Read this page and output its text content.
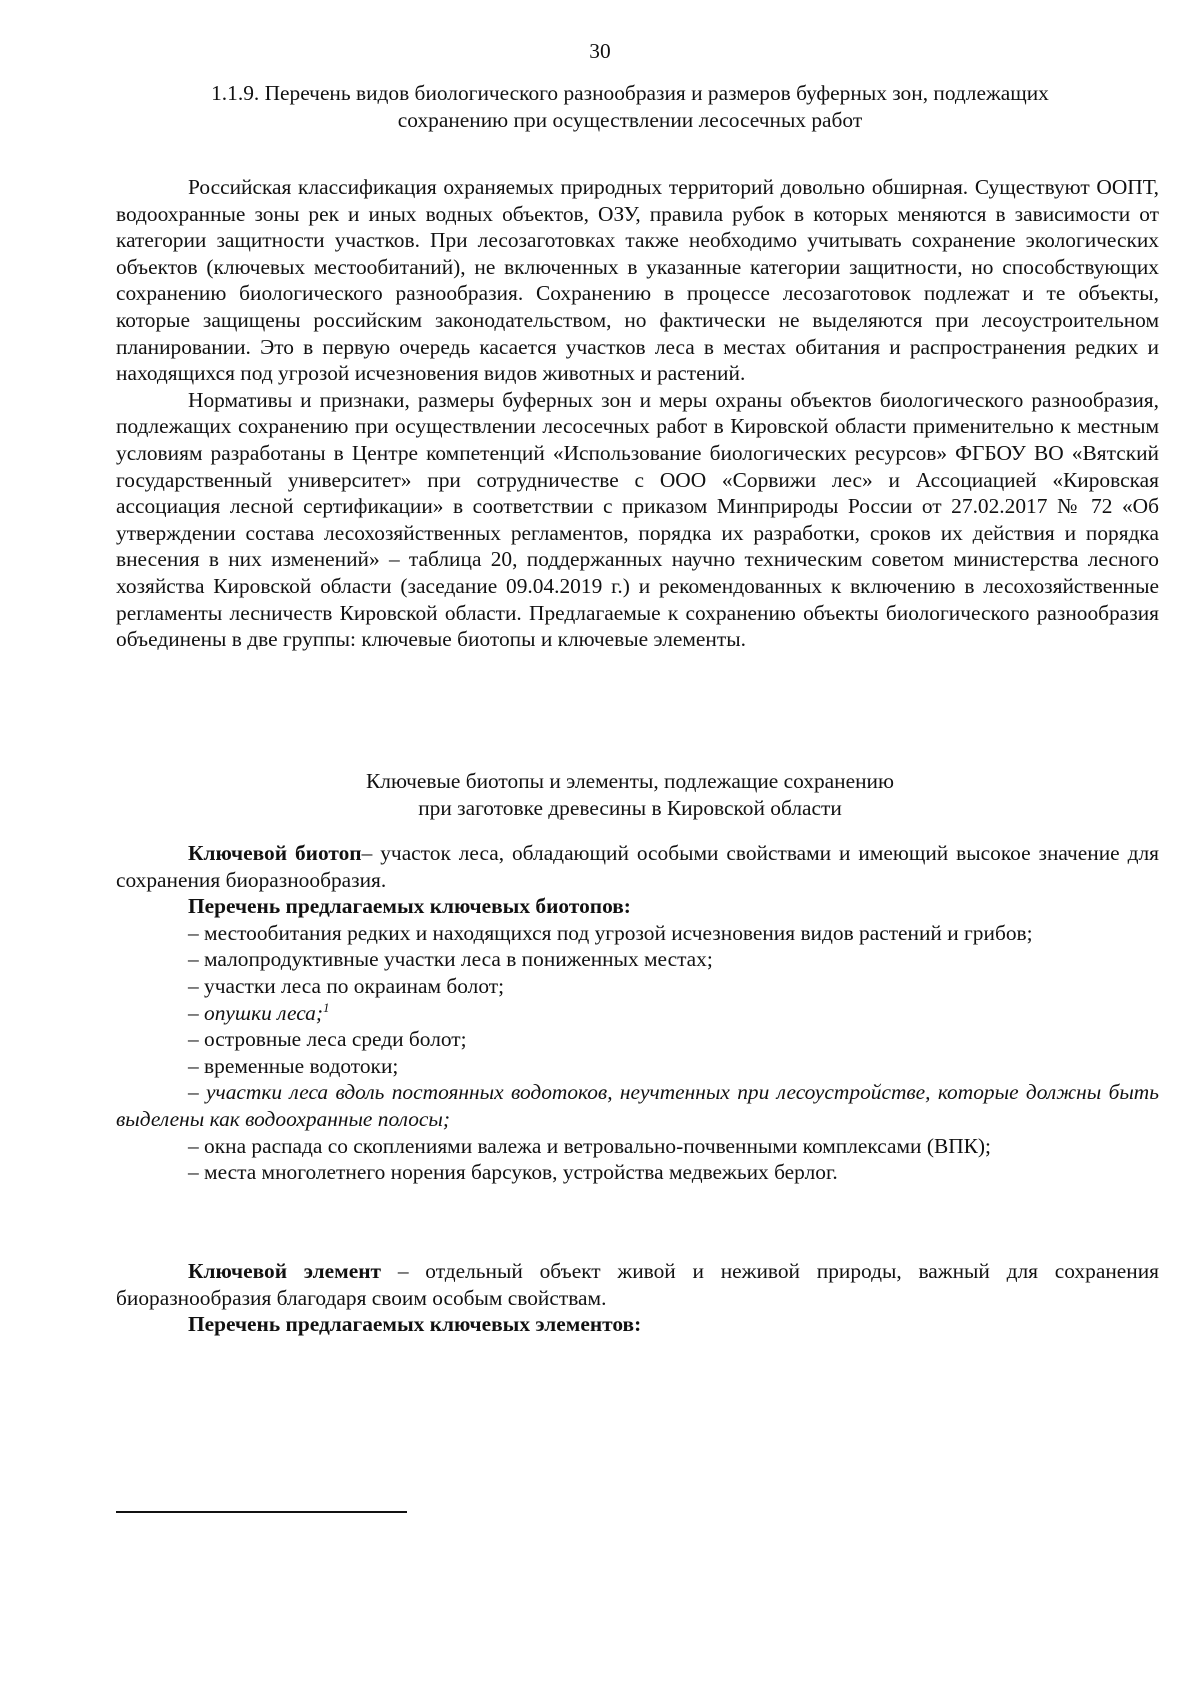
30
1.1.9. Перечень видов биологического разнообразия и размеров буферных зон, подлежащих
сохранению при осуществлении лесосечных работ

Российская классификация охраняемых природных территорий довольно обширная. Существуют ООПТ, водоохранные зоны рек и иных водных объектов, ОЗУ, правила рубок в которых меняются в зависимости от категории защитности участков. При лесозаготовках также необходимо учитывать сохранение экологических объектов (ключевых местообитаний), не включенных в указанные категории защитности, но способствующих сохранению биологического разнообразия. Сохранению в процессе лесозаготовок подлежат и те объекты, которые защищены российским законодательством, но фактически не выделяются при лесоустроительном планировании. Это в первую очередь касается участков леса в местах обитания и распространения редких и находящихся под угрозой исчезновения видов животных и растений.

Нормативы и признаки, размеры буферных зон и меры охраны объектов биологического разнообразия, подлежащих сохранению при осуществлении лесосечных работ в Кировской области применительно к местным условиям разработаны в Центре компетенций «Использование биологических ресурсов» ФГБОУ ВО «Вятский государственный университет» при сотрудничестве с ООО «Сорвижи лес» и Ассоциацией «Кировская ассоциация лесной сертификации» в соответствии с приказом Минприроды России от 27.02.2017 № 72 «Об утверждении состава лесохозяйственных регламентов, порядка их разработки, сроков их действия и порядка внесения в них изменений» – таблица 20, поддержанных научно техническим советом министерства лесного хозяйства Кировской области (заседание 09.04.2019 г.) и рекомендованных к включению в лесохозяйственные регламенты лесничеств Кировской области. Предлагаемые к сохранению объекты биологического разнообразия объединены в две группы: ключевые биотопы и ключевые элементы.

Ключевые биотопы и элементы, подлежащие сохранению
при заготовке древесины в Кировской области

Ключевой биотоп– участок леса, обладающий особыми свойствами и имеющий высокое значение для сохранения биоразнообразия.

Перечень предлагаемых ключевых биотопов:

– местообитания редких и находящихся под угрозой исчезновения видов растений и грибов;

– малопродуктивные участки леса в пониженных местах;

– участки леса по окраинам болот;

– опушки леса;$^1$

– островные леса среди болот;

– временные водотоки;

– участки леса вдоль постоянных водотоков, неучтенных при лесоустройстве, которые должны быть выделены как водоохранные полосы;

– окна распада со скоплениями валежа и ветровально-почвенными комплексами (ВПК);

– места многолетнего норения барсуков, устройства медвежьих берлог.

Ключевой элемент – отдельный объект живой и неживой природы, важный для сохранения биоразнообразия благодаря своим особым свойствам.

Перечень предлагаемых ключевых элементов:
